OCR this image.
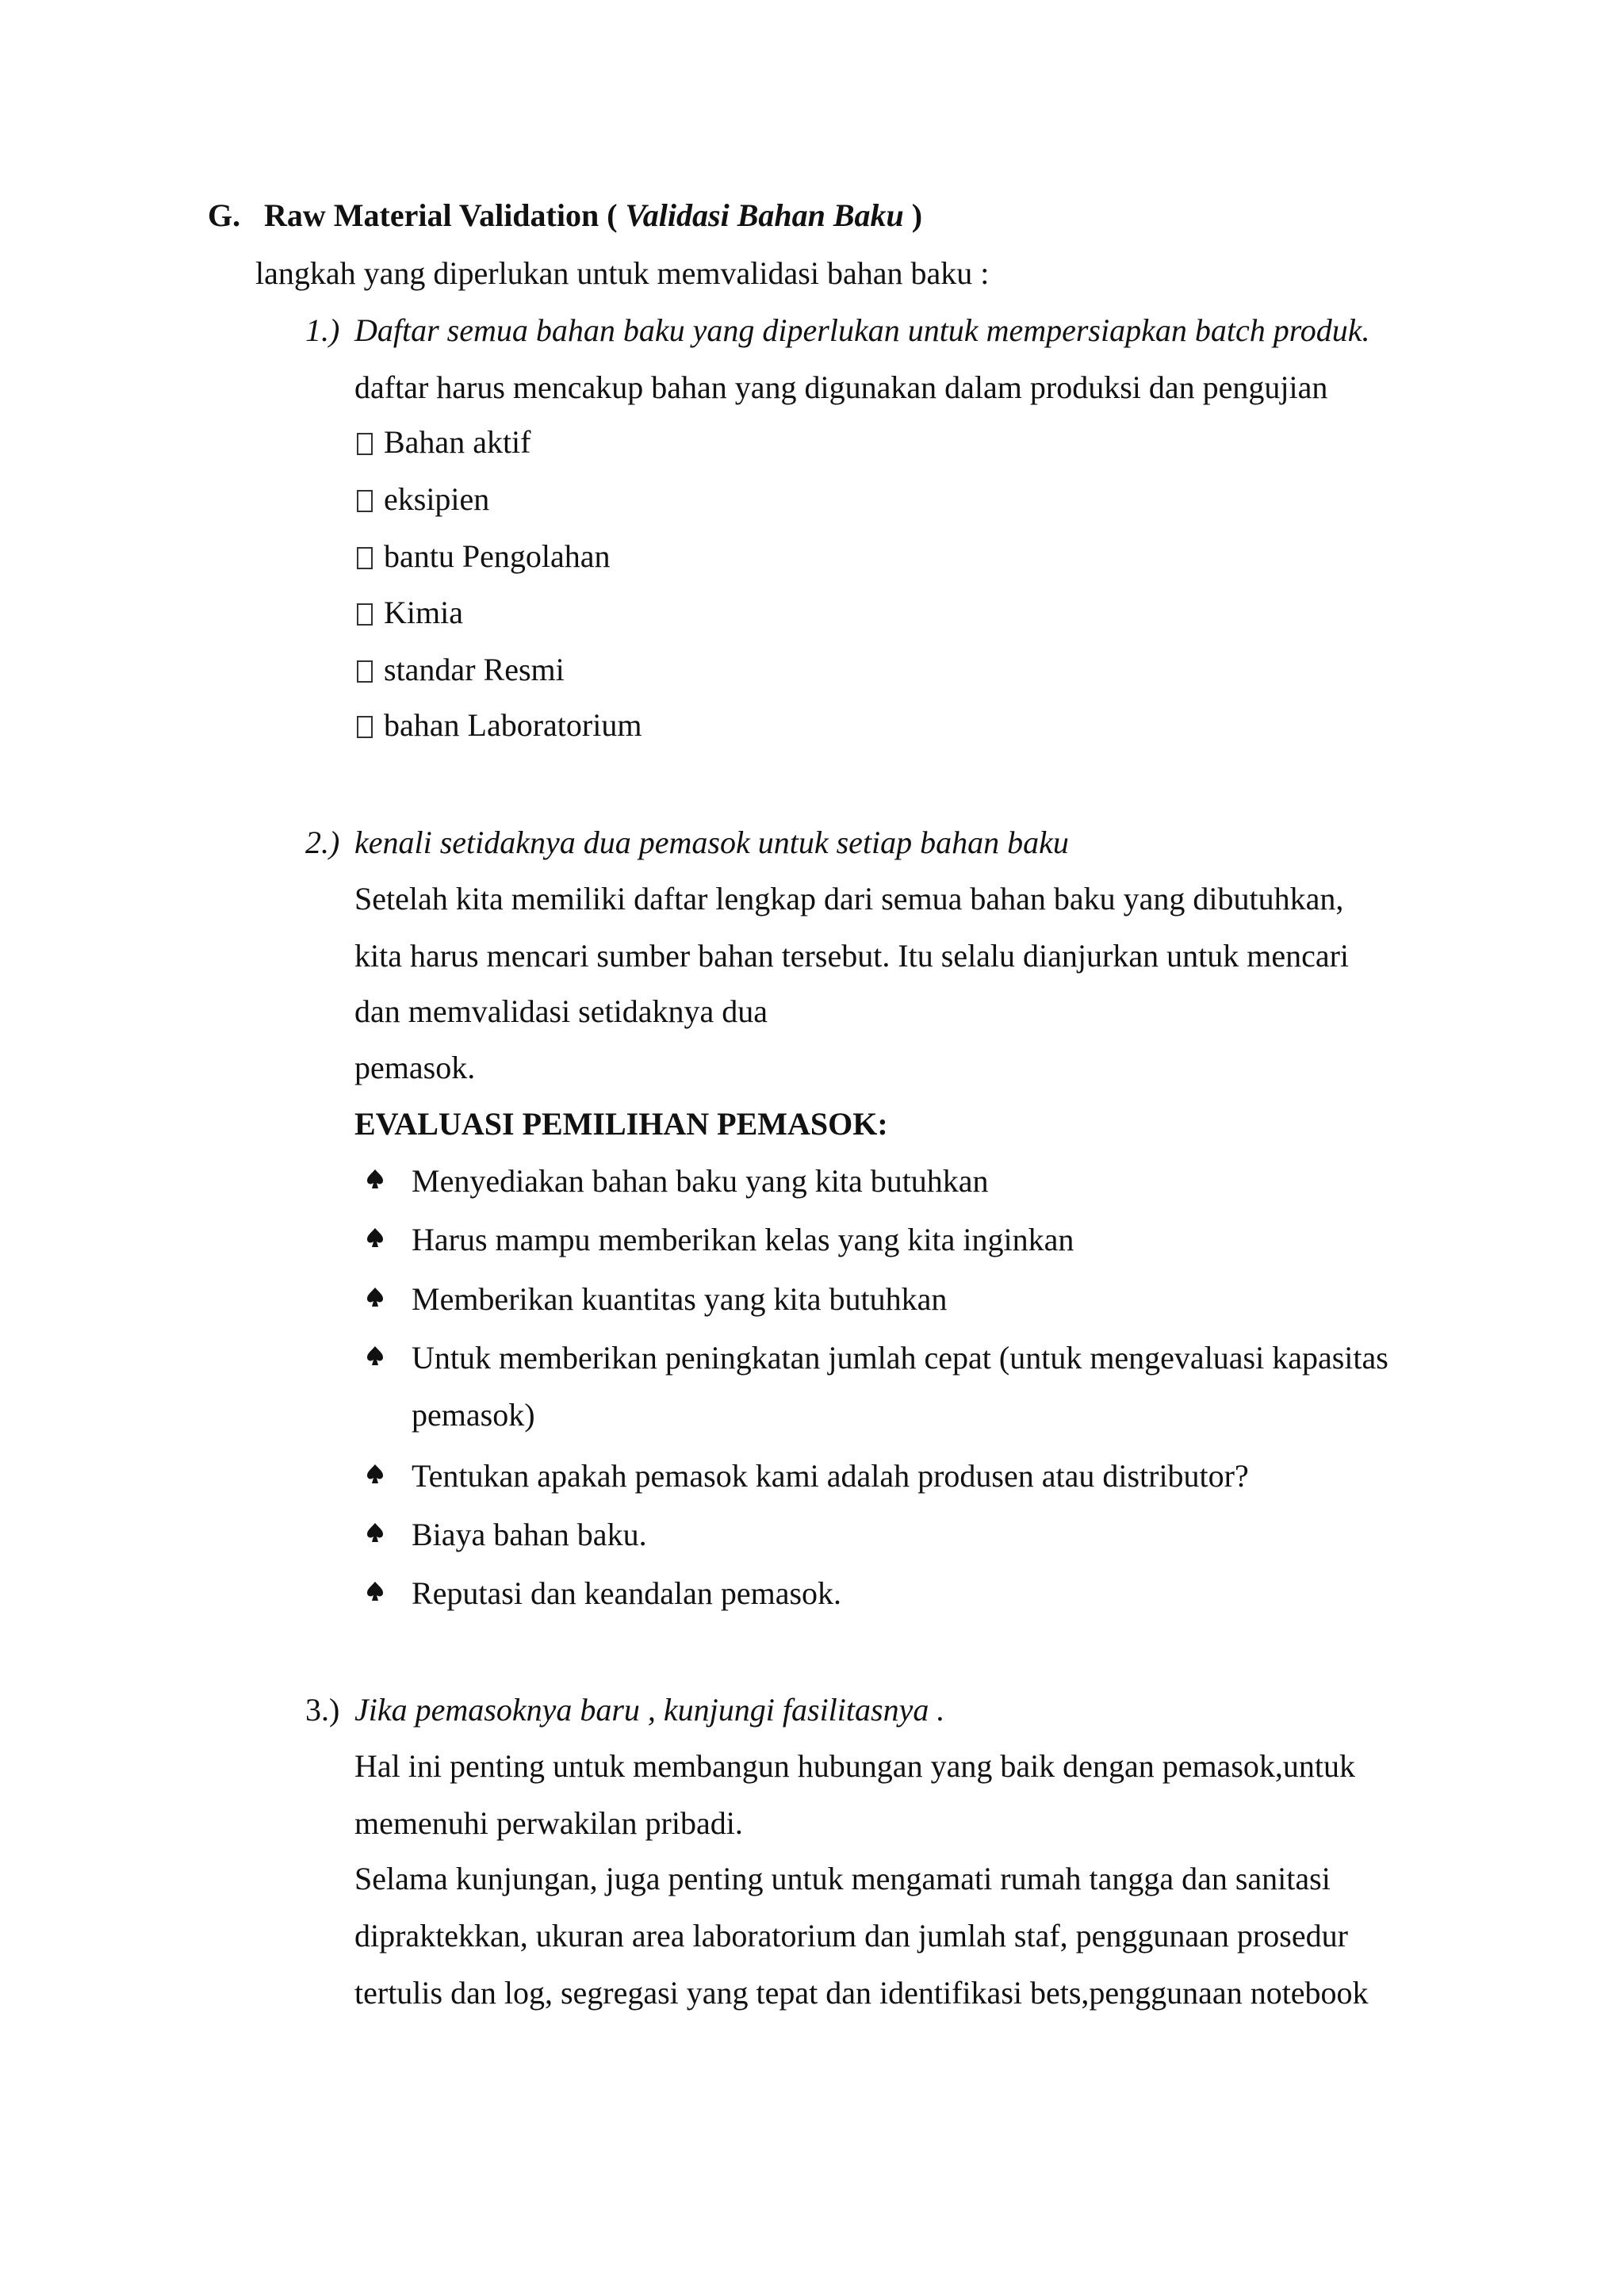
G. Raw Material Validation ( Validasi Bahan Baku )
langkah yang diperlukan untuk memvalidasi bahan baku :
1.) Daftar semua bahan baku yang diperlukan untuk mempersiapkan batch produk.
daftar harus mencakup bahan yang digunakan dalam produksi dan pengujian
Bahan aktif
eksipien
bantu Pengolahan
Kimia
standar Resmi
bahan Laboratorium
2.) kenali setidaknya dua pemasok untuk setiap bahan baku
Setelah kita memiliki daftar lengkap dari semua bahan baku yang dibutuhkan,
kita harus mencari sumber bahan tersebut. Itu selalu dianjurkan untuk mencari
dan memvalidasi setidaknya dua
pemasok.
EVALUASI PEMILIHAN PEMASOK:
Menyediakan bahan baku yang kita butuhkan
Harus mampu memberikan kelas yang kita inginkan
Memberikan kuantitas yang kita butuhkan
Untuk memberikan peningkatan jumlah cepat (untuk mengevaluasi kapasitas
pemasok)
Tentukan apakah pemasok kami adalah produsen atau distributor?
Biaya bahan baku.
Reputasi dan keandalan pemasok.
3.) Jika pemasoknya baru , kunjungi fasilitasnya .
Hal ini penting untuk membangun hubungan yang baik dengan pemasok,untuk
memenuhi perwakilan pribadi.
Selama kunjungan, juga penting untuk mengamati rumah tangga dan sanitasi
dipraktekkan, ukuran area laboratorium dan jumlah staf, penggunaan prosedur
tertulis dan log, segregasi yang tepat dan identifikasi bets,penggunaan notebook
